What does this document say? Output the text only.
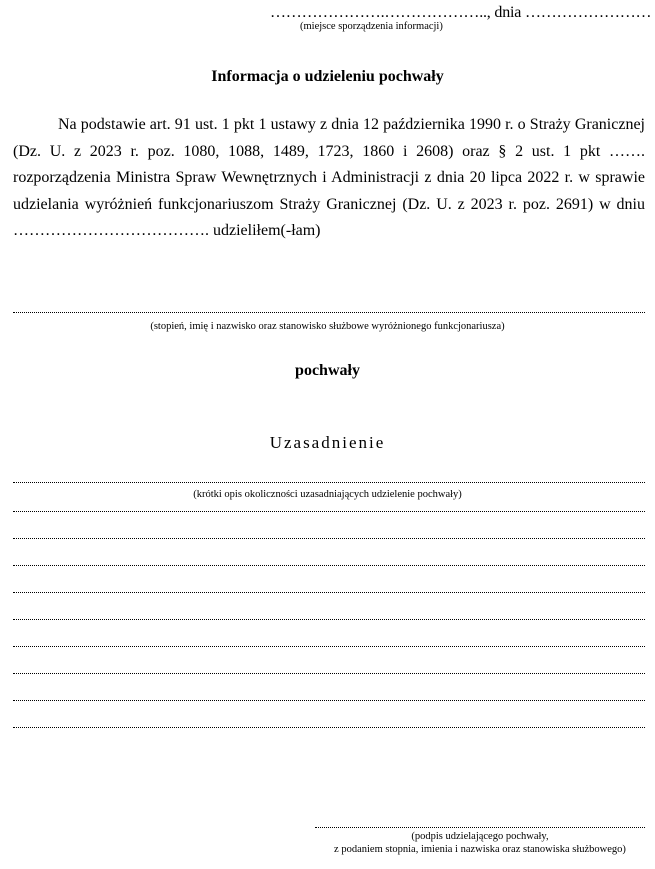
………………….……………….., dnia ……………………
(miejsce sporządzenia informacji)
Informacja o udzieleniu pochwały

Na podstawie art. 91 ust. 1 pkt 1 ustawy z dnia 12 października 1990 r. o Straży Granicznej (Dz. U. z 2023 r. poz. 1080, 1088, 1489, 1723, 1860 i 2608) oraz § 2 ust. 1 pkt ……. rozporządzenia Ministra Spraw Wewnętrznych i Administracji z dnia 20 lipca 2022 r. w sprawie udzielania wyróżnień funkcjonariuszom Straży Granicznej (Dz. U. z 2023 r. poz. 2691) w dniu ………………………………. udzieliłem(-łam)

(stopień, imię i nazwisko oraz stanowisko służbowe wyróżnionego funkcjonariusza)
pochwały
Uzasadnienie
(krótki opis okoliczności uzasadniających udzielenie pochwały)
(podpis udzielającego pochwały,
z podaniem stopnia, imienia i nazwiska oraz stanowiska służbowego)
